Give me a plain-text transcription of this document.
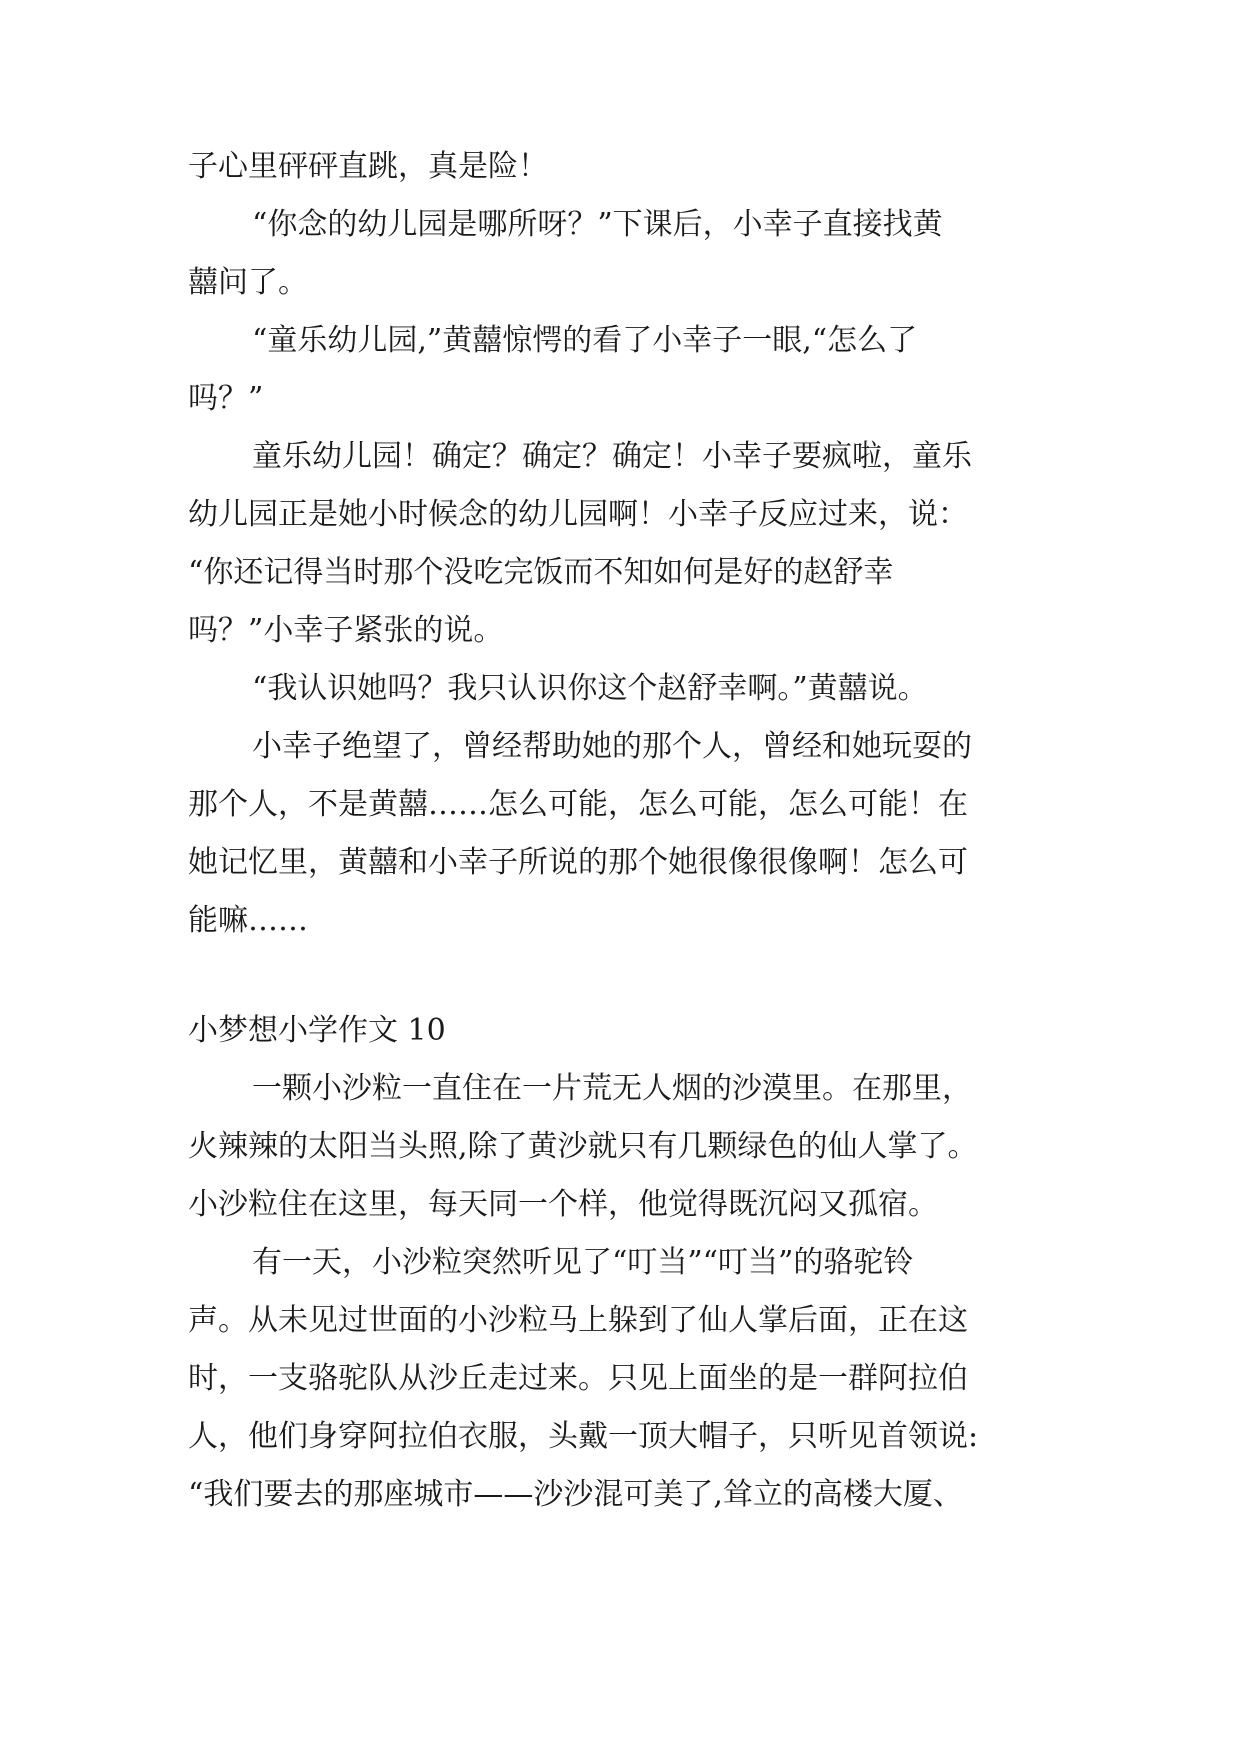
子心里砰砰直跳，真是险！
“你念的幼儿园是哪所呀？”下课后，小幸子直接找黄
囍问了。
“童乐幼儿园,”黄囍惊愕的看了小幸子一眼,“怎么了
吗？”
童乐幼儿园！确定？确定？确定！小幸子要疯啦，童乐
幼儿园正是她小时候念的幼儿园啊！小幸子反应过来，说：
“你还记得当时那个没吃完饭而不知如何是好的赵舒幸
吗？”小幸子紧张的说。
“我认识她吗？我只认识你这个赵舒幸啊。”黄囍说。
小幸子绝望了，曾经帮助她的那个人，曾经和她玩耍的
那个人，不是黄囍……怎么可能，怎么可能，怎么可能！在
她记忆里，黄囍和小幸子所说的那个她很像很像啊！怎么可
能嘛……
小梦想小学作文 10
一颗小沙粒一直住在一片荒无人烟的沙漠里。在那里，
火辣辣的太阳当头照,除了黄沙就只有几颗绿色的仙人掌了。
小沙粒住在这里，每天同一个样，他觉得既沉闷又孤宿。
有一天，小沙粒突然听见了“叮当”“叮当”的骆驼铃
声。从未见过世面的小沙粒马上躲到了仙人掌后面，正在这
时，一支骆驼队从沙丘走过来。只见上面坐的是一群阿拉伯
人，他们身穿阿拉伯衣服，头戴一顶大帽子，只听见首领说:
“我们要去的那座城市——沙沙混可美了,耸立的高楼大厦、
